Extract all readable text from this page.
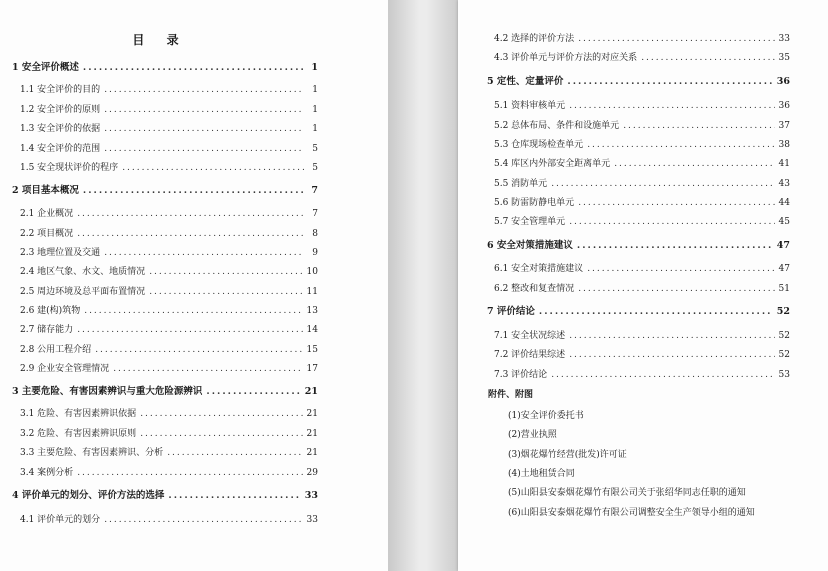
目 录
1 安全评价概述 .....	1
1.1 安全评价的目的 .....	1
1.2 安全评价的原则 .....	1
1.3 安全评价的依据 .....	1
1.4 安全评价的范围 .....	5
1.5 安全现状评价的程序 .....	5
2 项目基本概况 .....	7
2.1 企业概况 .....	7
2.2 项目概况 .....	8
2.3 地理位置及交通 .....	9
2.4 地区气象、水文、地质情况 .....	10
2.5 周边环境及总平面布置情况 .....	11
2.6 建(构)筑物 .....	13
2.7 储存能力 .....	14
2.8 公用工程介绍 .....	15
2.9 企业安全管理情况 .....	17
3 主要危险、有害因素辨识与重大危险源辨识 .....	21
3.1 危险、有害因素辨识依据 .....	21
3.2 危险、有害因素辨识原则 .....	21
3.3 主要危险、有害因素辨识、分析 .....	21
3.4 案例分析 .....	29
4 评价单元的划分、评价方法的选择 .....	33
4.1 评价单元的划分 .....	33
4.2 选择的评价方法 .....	33
4.3 评价单元与评价方法的对应关系 .....	35
5 定性、定量评价 .....	36
5.1 资料审核单元 .....	36
5.2 总体布局、条件和设施单元 .....	37
5.3 仓库现场检查单元 .....	38
5.4 库区内外部安全距离单元 .....	41
5.5 消防单元 .....	43
5.6 防雷防静电单元 .....	44
5.7 安全管理单元 .....	45
6 安全对策措施建议 .....	47
6.1 安全对策措施建议 .....	47
6.2 整改和复查情况 .....	51
7 评价结论 .....	52
7.1 安全状况综述 .....	52
7.2 评价结果综述 .....	52
7.3 评价结论 .....	53
附件、附图
(1)安全评价委托书
(2)营业执照
(3)烟花爆竹经营(批发)许可证
(4)土地租赁合同
(5)山阳县安泰烟花爆竹有限公司关于张绍华同志任职的通知
(6)山阳县安泰烟花爆竹有限公司调整安全生产领导小组的通知
